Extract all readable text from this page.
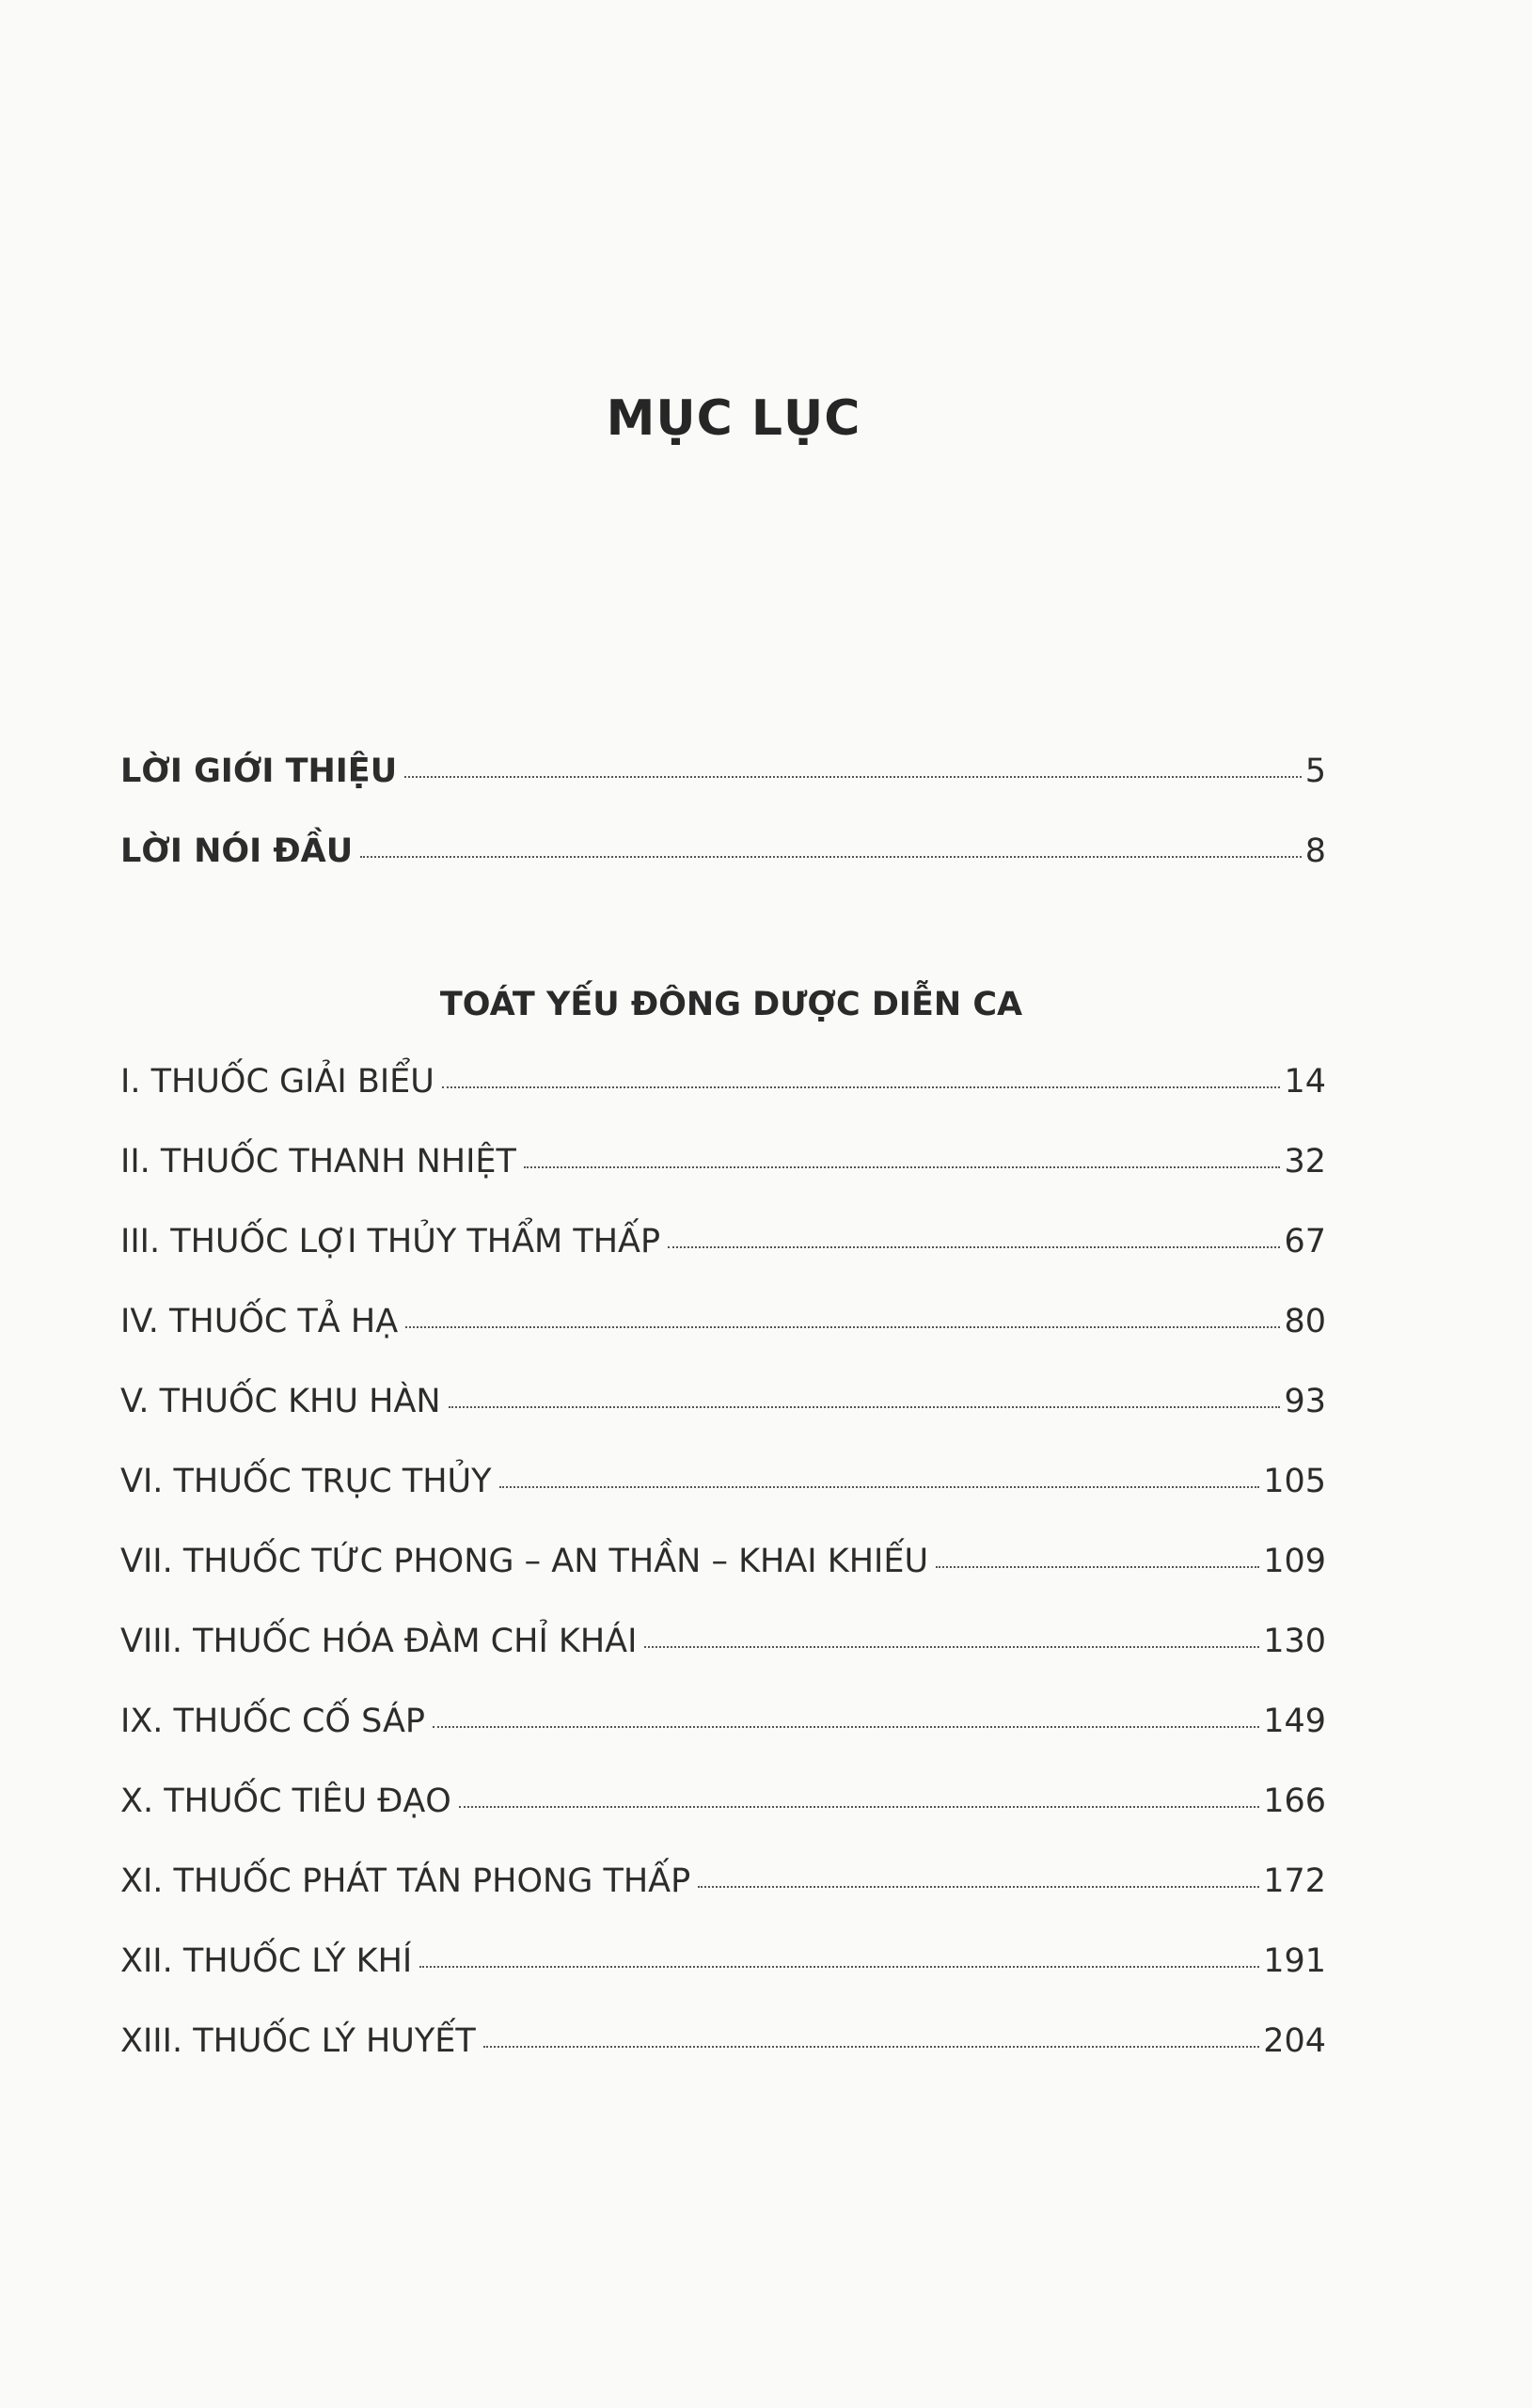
MỤC LỤC
LỜI GIỚI THIỆU	5
LỜI NÓI ĐẦU	8
TOÁT YẾU ĐÔNG DƯỢC DIỄN CA
I. THUỐC GIẢI BIỂU	14
II. THUỐC THANH NHIỆT	32
III. THUỐC LỢI THỦY THẨM THẤP	67
IV. THUỐC TẢ HẠ	80
V. THUỐC KHU HÀN	93
VI. THUỐC TRỤC THỦY	105
VII. THUỐC TỨC PHONG – AN THẦN – KHAI KHIẾU	109
VIII. THUỐC HÓA ĐÀM CHỈ KHÁI	130
IX. THUỐC CỐ SÁP	149
X. THUỐC TIÊU ĐẠO	166
XI. THUỐC PHÁT TÁN PHONG THẤP	172
XII. THUỐC LÝ KHÍ	191
XIII. THUỐC LÝ HUYẾT	204
